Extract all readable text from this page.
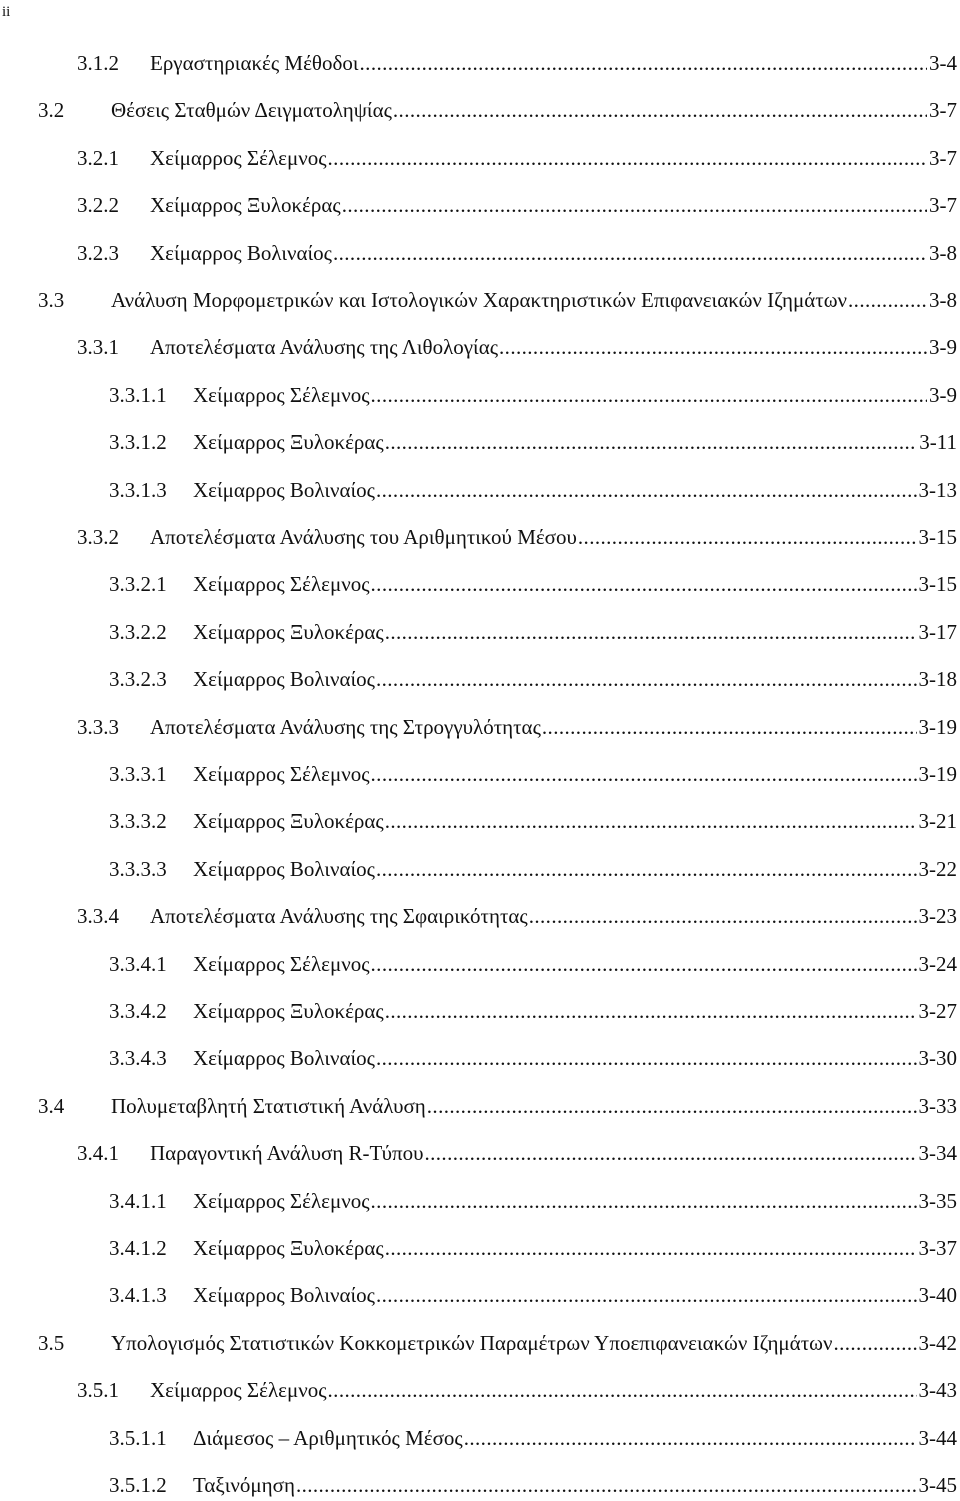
ii
3.1.2	Εργαστηριακές Μέθοδοι .....	3-4
3.2	Θέσεις Σταθμών Δειγματοληψίας .....	3-7
3.2.1	Χείμαρρος Σέλεμνος .....	3-7
3.2.2	Χείμαρρος Ξυλοκέρας .....	3-7
3.2.3	Χείμαρρος Βολιναίος .....	3-8
3.3	Ανάλυση Μορφομετρικών και Ιστολογικών Χαρακτηριστικών Επιφανειακών Ιζημάτων .....	3-8
3.3.1	Αποτελέσματα Ανάλυσης της Λιθολογίας .....	3-9
3.3.1.1	Χείμαρρος Σέλεμνος .....	3-9
3.3.1.2	Χείμαρρος Ξυλοκέρας .....	3-11
3.3.1.3	Χείμαρρος Βολιναίος .....	3-13
3.3.2	Αποτελέσματα Ανάλυσης του Αριθμητικού Μέσου .....	3-15
3.3.2.1	Χείμαρρος Σέλεμνος .....	3-15
3.3.2.2	Χείμαρρος Ξυλοκέρας .....	3-17
3.3.2.3	Χείμαρρος Βολιναίος .....	3-18
3.3.3	Αποτελέσματα Ανάλυσης της Στρογγυλότητας .....	3-19
3.3.3.1	Χείμαρρος Σέλεμνος .....	3-19
3.3.3.2	Χείμαρρος Ξυλοκέρας .....	3-21
3.3.3.3	Χείμαρρος Βολιναίος .....	3-22
3.3.4	Αποτελέσματα Ανάλυσης της Σφαιρικότητας .....	3-23
3.3.4.1	Χείμαρρος Σέλεμνος .....	3-24
3.3.4.2	Χείμαρρος Ξυλοκέρας .....	3-27
3.3.4.3	Χείμαρρος Βολιναίος .....	3-30
3.4	Πολυμεταβλητή Στατιστική Ανάλυση .....	3-33
3.4.1	Παραγοντική Ανάλυση R-Τύπου .....	3-34
3.4.1.1	Χείμαρρος Σέλεμνος .....	3-35
3.4.1.2	Χείμαρρος Ξυλοκέρας .....	3-37
3.4.1.3	Χείμαρρος Βολιναίος .....	3-40
3.5	Υπολογισμός Στατιστικών Κοκκομετρικών Παραμέτρων Υποεπιφανειακών Ιζημάτων .....	3-42
3.5.1	Χείμαρρος Σέλεμνος .....	3-43
3.5.1.1	Διάμεσος – Αριθμητικός Μέσος .....	3-44
3.5.1.2	Ταξινόμηση .....	3-45
